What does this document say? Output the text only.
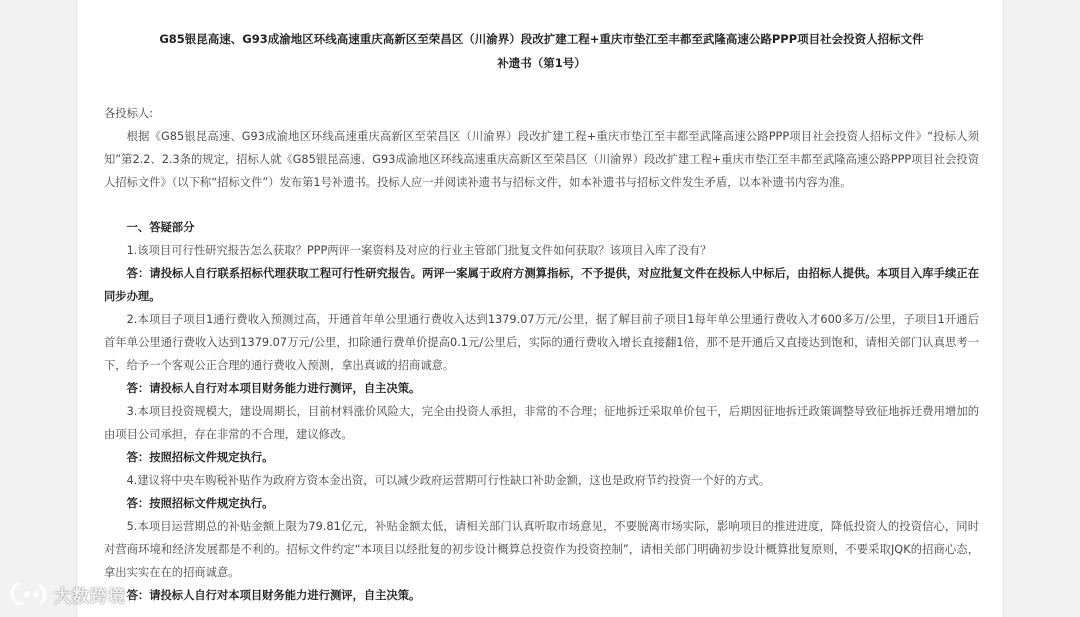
G85银昆高速、G93成渝地区环线高速重庆高新区至荣昌区（川渝界）段改扩建工程+重庆市垫江至丰都至武隆高速公路PPP项目社会投资人招标文件
补遗书（第1号）

各投标人:

根据《G85银昆高速、G93成渝地区环线高速重庆高新区至荣昌区（川渝界）段改扩建工程+重庆市垫江至丰都至武隆高速公路PPP项目社会投资人招标文件》“投标人须知”第2.2、2.3条的规定，招标人就《G85银昆高速、G93成渝地区环线高速重庆高新区至荣昌区（川渝界）段改扩建工程+重庆市垫江至丰都至武隆高速公路PPP项目社会投资人招标文件》（以下称“招标文件”）发布第1号补遗书。投标人应一并阅读补遗书与招标文件，如本补遗书与招标文件发生矛盾，以本补遗书内容为准。

一、答疑部分

1.该项目可行性研究报告怎么获取？PPP两评一案资料及对应的行业主管部门批复文件如何获取？该项目入库了没有？

答：请投标人自行联系招标代理获取工程可行性研究报告。两评一案属于政府方测算指标，不予提供，对应批复文件在投标人中标后，由招标人提供。本项目入库手续正在同步办理。

2.本项目子项目1通行费收入预测过高，开通首年单公里通行费收入达到1379.07万元/公里，据了解目前子项目1每年单公里通行费收入才600多万/公里，子项目1开通后首年单公里通行费收入达到1379.07万元/公里，扣除通行费单价提高0.1元/公里后，实际的通行费收入增长直接翻1倍，那不是开通后又直接达到饱和，请相关部门认真思考一下，给予一个客观公正合理的通行费收入预测，拿出真诚的招商诚意。

答：请投标人自行对本项目财务能力进行测评，自主决策。

3.本项目投资规模大，建设周期长，目前材料涨价风险大，完全由投资人承担，非常的不合理；征地拆迁采取单价包干，后期因征地拆迁政策调整导致征地拆迁费用增加的由项目公司承担，存在非常的不合理，建议修改。

答：按照招标文件规定执行。

4.建议将中央车购税补贴作为政府方资本金出资，可以减少政府运营期可行性缺口补助金额，这也是政府节约投资一个好的方式。

答：按照招标文件规定执行。

5.本项目运营期总的补贴金额上限为79.81亿元，补贴金额太低，请相关部门认真听取市场意见，不要脱离市场实际，影响项目的推进进度，降低投资人的投资信心，同时对营商环境和经济发展都是不利的。招标文件约定“本项目以经批复的初步设计概算总投资作为投资控制”，请相关部门明确初步设计概算批复原则，不要采取JQK的招商心态，拿出实实在在的招商诚意。

答：请投标人自行对本项目财务能力进行测评，自主决策。

大数跨境
